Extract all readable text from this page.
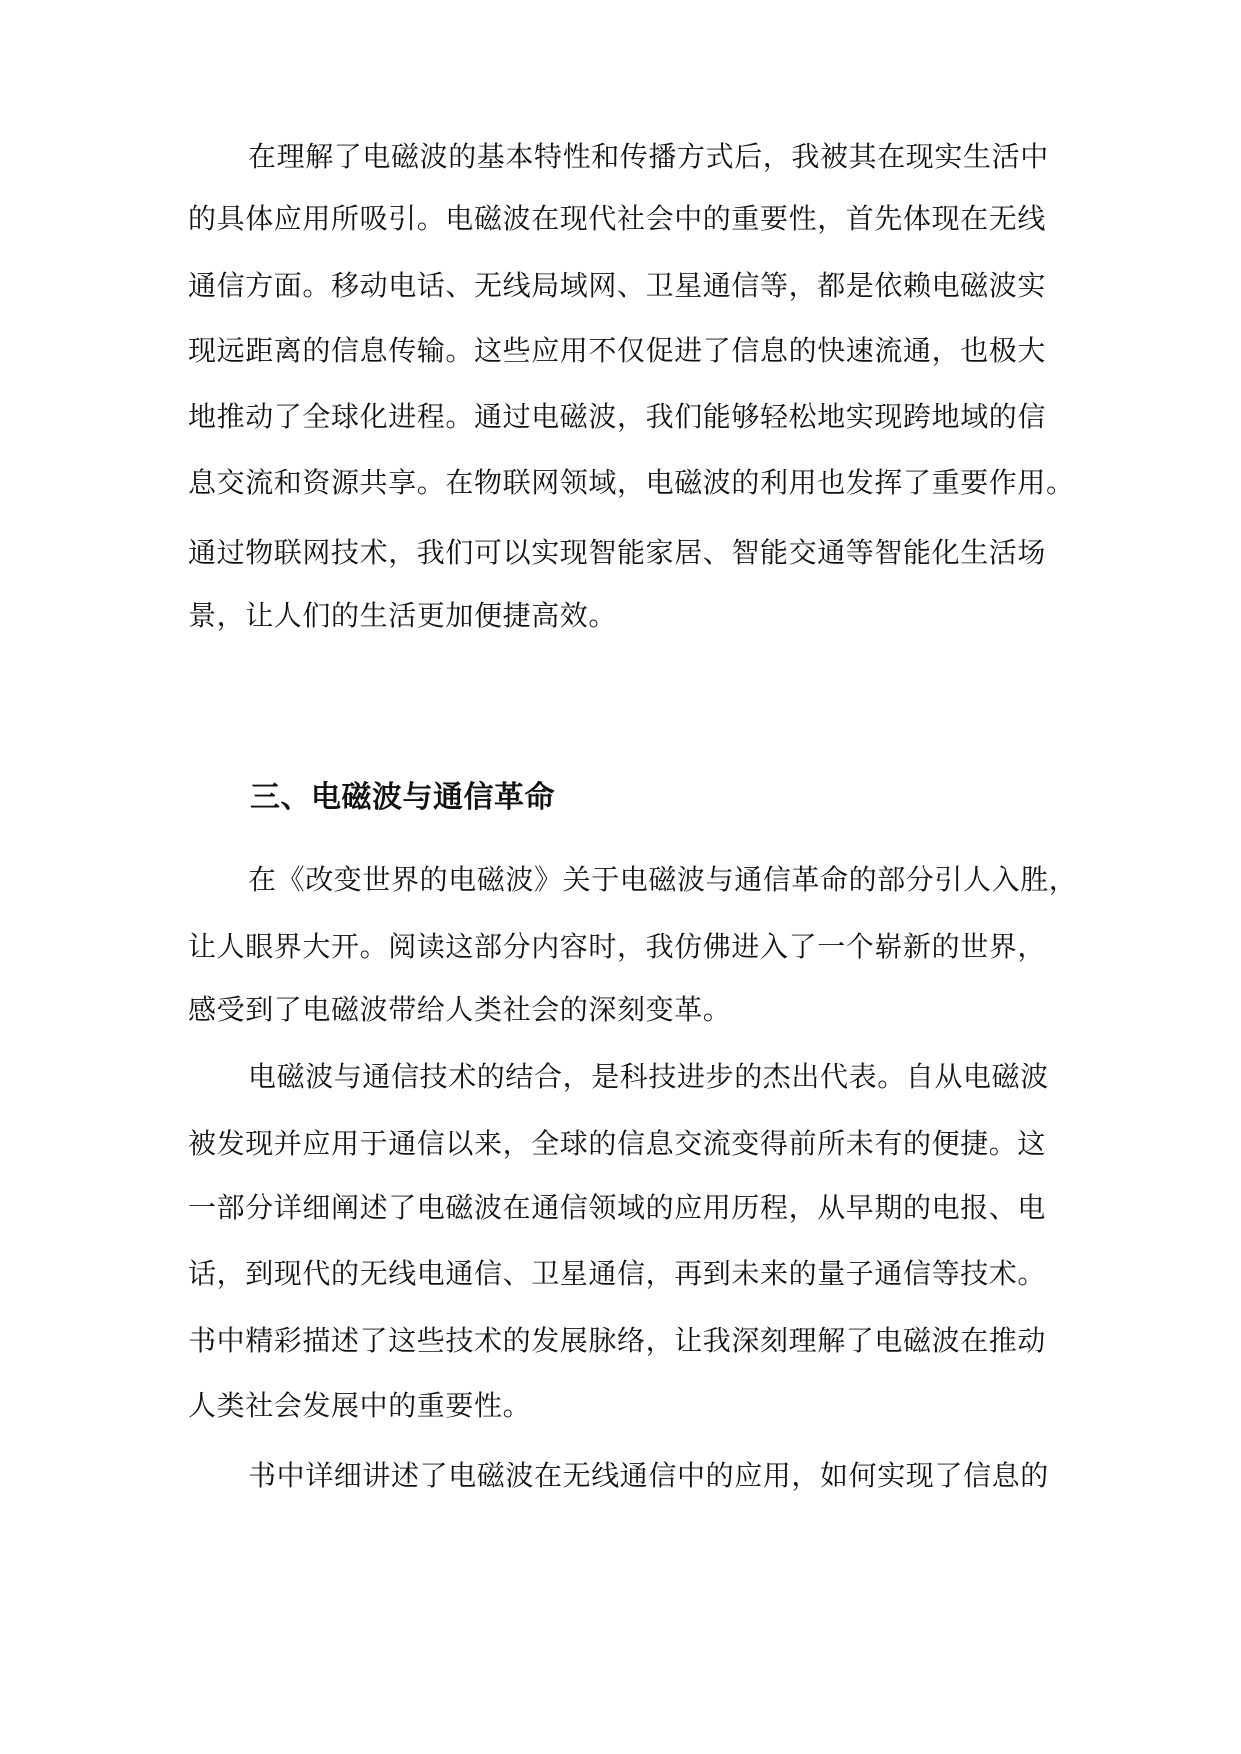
在理解了电磁波的基本特性和传播方式后，我被其在现实生活中
的具体应用所吸引。电磁波在现代社会中的重要性，首先体现在无线
通信方面。移动电话、无线局域网、卫星通信等，都是依赖电磁波实
现远距离的信息传输。这些应用不仅促进了信息的快速流通，也极大
地推动了全球化进程。通过电磁波，我们能够轻松地实现跨地域的信
息交流和资源共享。在物联网领域，电磁波的利用也发挥了重要作用。
通过物联网技术，我们可以实现智能家居、智能交通等智能化生活场
景，让人们的生活更加便捷高效。
三、电磁波与通信革命
在《改变世界的电磁波》关于电磁波与通信革命的部分引人入胜，
让人眼界大开。阅读这部分内容时，我仿佛进入了一个崭新的世界，
感受到了电磁波带给人类社会的深刻变革。
电磁波与通信技术的结合，是科技进步的杰出代表。自从电磁波
被发现并应用于通信以来，全球的信息交流变得前所未有的便捷。这
一部分详细阐述了电磁波在通信领域的应用历程，从早期的电报、电
话，到现代的无线电通信、卫星通信，再到未来的量子通信等技术。
书中精彩描述了这些技术的发展脉络，让我深刻理解了电磁波在推动
人类社会发展中的重要性。
书中详细讲述了电磁波在无线通信中的应用，如何实现了信息的
